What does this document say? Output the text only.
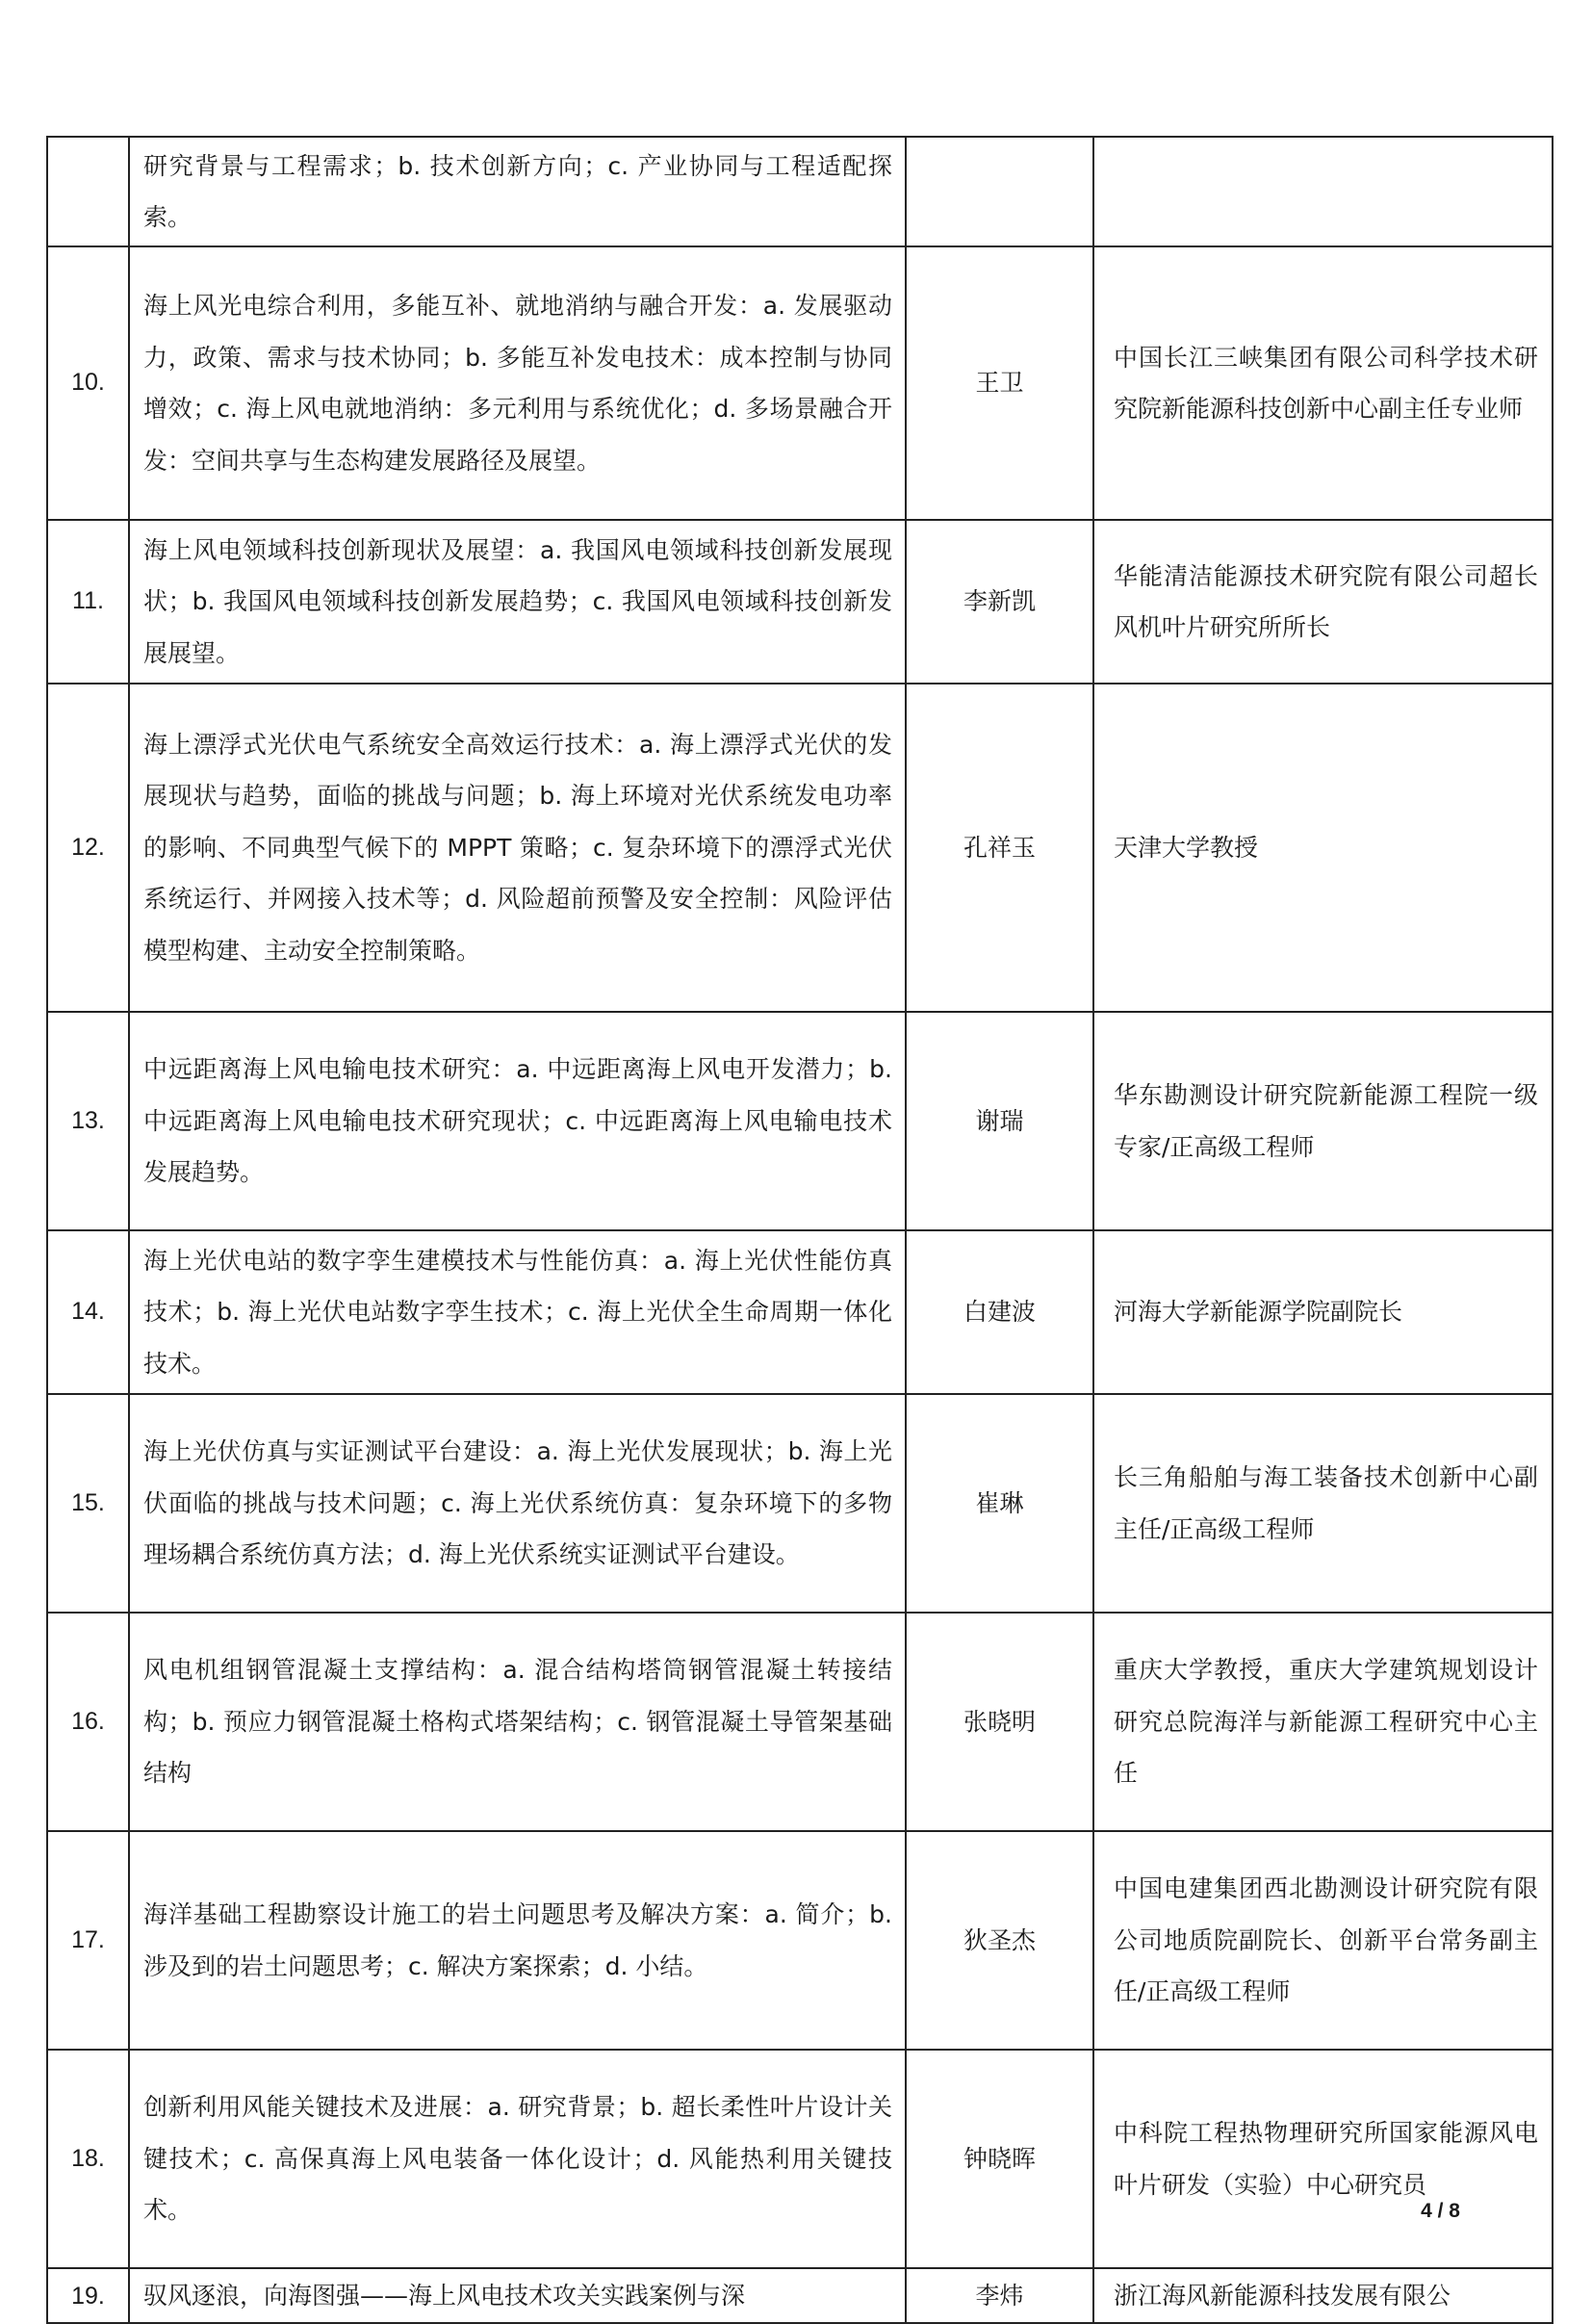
	研究背景与工程需求；b. 技术创新方向；c. 产业协同与工程适配探索。		
10.	海上风光电综合利用，多能互补、就地消纳与融合开发：a. 发展驱动力，政策、需求与技术协同；b. 多能互补发电技术：成本控制与协同增效；c. 海上风电就地消纳：多元利用与系统优化；d. 多场景融合开发：空间共享与生态构建发展路径及展望。	王卫	中国长江三峡集团有限公司科学技术研究院新能源科技创新中心副主任专业师
11.	海上风电领域科技创新现状及展望：a. 我国风电领域科技创新发展现状；b. 我国风电领域科技创新发展趋势；c. 我国风电领域科技创新发展展望。	李新凯	华能清洁能源技术研究院有限公司超长风机叶片研究所所长
12.	海上漂浮式光伏电气系统安全高效运行技术：a. 海上漂浮式光伏的发展现状与趋势，面临的挑战与问题；b. 海上环境对光伏系统发电功率的影响、不同典型气候下的 MPPT 策略；c. 复杂环境下的漂浮式光伏系统运行、并网接入技术等；d. 风险超前预警及安全控制：风险评估模型构建、主动安全控制策略。	孔祥玉	天津大学教授
13.	中远距离海上风电输电技术研究：a. 中远距离海上风电开发潜力；b. 中远距离海上风电输电技术研究现状；c. 中远距离海上风电输电技术发展趋势。	谢瑞	华东勘测设计研究院新能源工程院一级专家/正高级工程师
14.	海上光伏电站的数字孪生建模技术与性能仿真：a. 海上光伏性能仿真技术；b. 海上光伏电站数字孪生技术；c. 海上光伏全生命周期一体化技术。	白建波	河海大学新能源学院副院长
15.	海上光伏仿真与实证测试平台建设：a. 海上光伏发展现状；b. 海上光伏面临的挑战与技术问题；c. 海上光伏系统仿真：复杂环境下的多物理场耦合系统仿真方法；d. 海上光伏系统实证测试平台建设。	崔琳	长三角船舶与海工装备技术创新中心副主任/正高级工程师
16.	风电机组钢管混凝土支撑结构：a. 混合结构塔筒钢管混凝土转接结构；b. 预应力钢管混凝土格构式塔架结构；c. 钢管混凝土导管架基础结构	张晓明	重庆大学教授，重庆大学建筑规划设计研究总院海洋与新能源工程研究中心主任
17.	海洋基础工程勘察设计施工的岩土问题思考及解决方案：a. 简介；b. 涉及到的岩土问题思考；c. 解决方案探索；d. 小结。	狄圣杰	中国电建集团西北勘测设计研究院有限公司地质院副院长、创新平台常务副主任/正高级工程师
18.	创新利用风能关键技术及进展：a. 研究背景；b. 超长柔性叶片设计关键技术；c. 高保真海上风电装备一体化设计；d. 风能热利用关键技术。	钟晓晖	中科院工程热物理研究所国家能源风电叶片研发（实验）中心研究员
19.	驭风逐浪，向海图强——海上风电技术攻关实践案例与深	李炜	浙江海风新能源科技发展有限公
4 / 8
